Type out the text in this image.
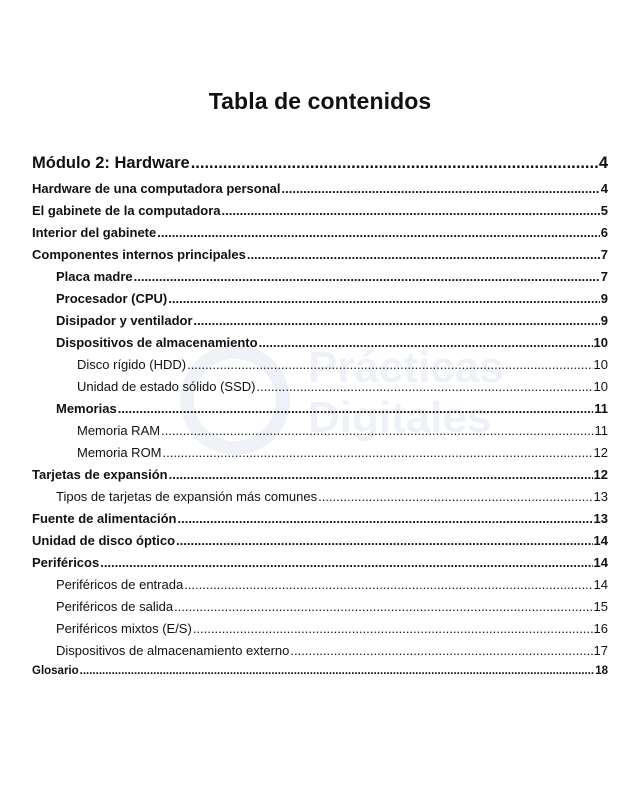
Prácticas
Digitales
Tabla de contenidos
Módulo 2: Hardware .....	4
Hardware de una computadora personal .....	4
El gabinete de la computadora .....	5
Interior del gabinete .....	6
Componentes internos principales .....	7
Placa madre .....	7
Procesador (CPU) .....	9
Disipador y ventilador .....	9
Dispositivos de almacenamiento .....	10
Disco rígido (HDD) .....	10
Unidad de estado sólido (SSD) .....	10
Memorias .....	11
Memoria RAM .....	11
Memoria ROM .....	12
Tarjetas de expansión .....	12
Tipos de tarjetas de expansión más comunes .....	13
Fuente de alimentación .....	13
Unidad de disco óptico .....	14
Periféricos .....	14
Periféricos de entrada .....	14
Periféricos de salida .....	15
Periféricos mixtos (E/S) .....	16
Dispositivos de almacenamiento externo .....	17
Glosario .....	18
